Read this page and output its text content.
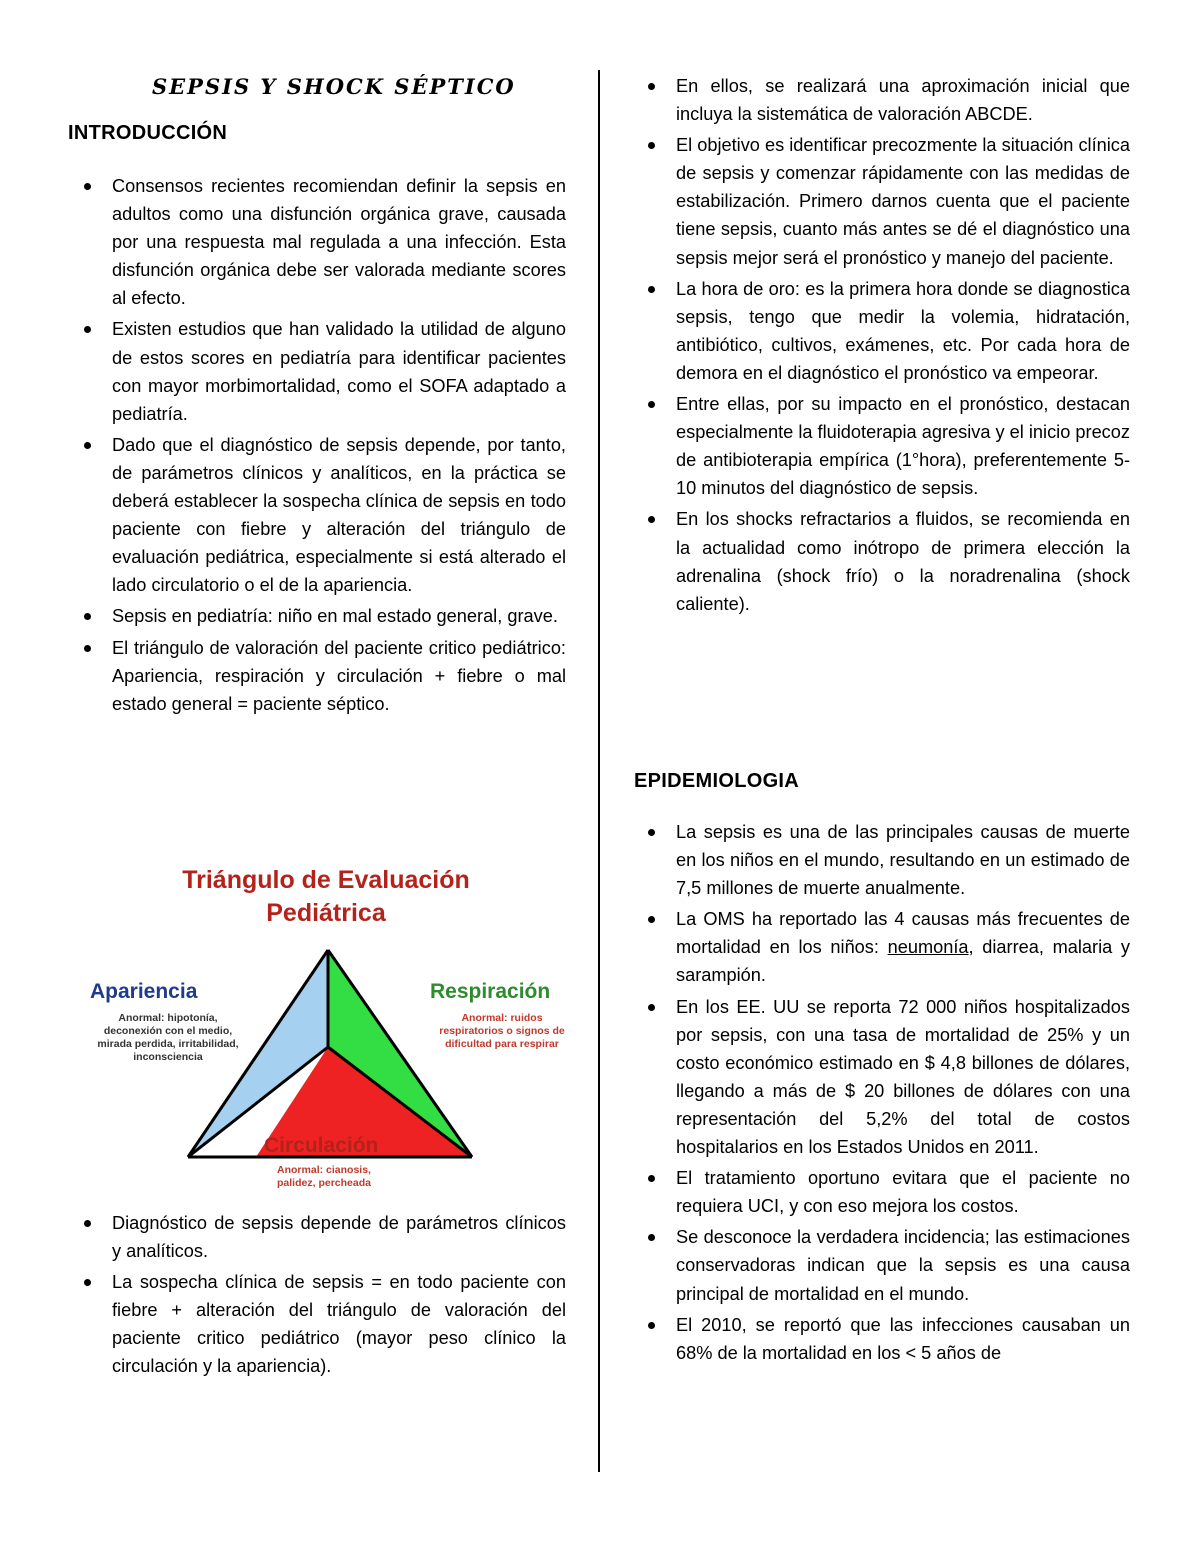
SEPSIS Y SHOCK SÉPTICO
INTRODUCCIÓN
Consensos recientes recomiendan definir la sepsis en adultos como una disfunción orgánica grave, causada por una respuesta mal regulada a una infección. Esta disfunción orgánica debe ser valorada mediante scores al efecto.
Existen estudios que han validado la utilidad de alguno de estos scores en pediatría para identificar pacientes con mayor morbimortalidad, como el SOFA adaptado a pediatría.
Dado que el diagnóstico de sepsis depende, por tanto, de parámetros clínicos y analíticos, en la práctica se deberá establecer la sospecha clínica de sepsis en todo paciente con fiebre y alteración del triángulo de evaluación pediátrica, especialmente si está alterado el lado circulatorio o el de la apariencia.
Sepsis en pediatría: niño en mal estado general, grave.
El triángulo de valoración del paciente critico pediátrico: Apariencia, respiración y circulación + fiebre o mal estado general = paciente séptico.
Triángulo de Evaluación
Pediátrica
Apariencia
Anormal: hipotonía,
deconexión con el medio,
mirada perdida, irritabilidad,
inconsciencia
Respiración
Anormal: ruidos
respiratorios o signos de
dificultad para respirar
Circulación
Anormal: cianosis,
palidez, percheada
Diagnóstico de sepsis depende de parámetros clínicos y analíticos.
La sospecha clínica de sepsis = en todo paciente con fiebre + alteración del triángulo de valoración del paciente critico pediátrico (mayor peso clínico la circulación y la apariencia).
En ellos, se realizará una aproximación inicial que incluya la sistemática de valoración ABCDE.
El objetivo es identificar precozmente la situación clínica de sepsis y comenzar rápidamente con las medidas de estabilización. Primero darnos cuenta que el paciente tiene sepsis, cuanto más antes se dé el diagnóstico una sepsis mejor será el pronóstico y manejo del paciente.
La hora de oro: es la primera hora donde se diagnostica sepsis, tengo que medir la volemia, hidratación, antibiótico, cultivos, exámenes, etc. Por cada hora de demora en el diagnóstico el pronóstico va empeorar.
Entre ellas, por su impacto en el pronóstico, destacan especialmente la fluidoterapia agresiva y el inicio precoz de antibioterapia empírica (1°hora), preferentemente 5-10 minutos del diagnóstico de sepsis.
En los shocks refractarios a fluidos, se recomienda en la actualidad como inótropo de primera elección la adrenalina (shock frío) o la noradrenalina (shock caliente).
EPIDEMIOLOGIA
La sepsis es una de las principales causas de muerte en los niños en el mundo, resultando en un estimado de 7,5 millones de muerte anualmente.
La OMS ha reportado las 4 causas más frecuentes de mortalidad en los niños: neumonía, diarrea, malaria y sarampión.
En los EE. UU se reporta 72 000 niños hospitalizados por sepsis, con una tasa de mortalidad de 25% y un costo económico estimado en $ 4,8 billones de dólares, llegando a más de $ 20 billones de dólares con una representación del 5,2% del total de costos hospitalarios en los Estados Unidos en 2011.
El tratamiento oportuno evitara que el paciente no requiera UCI, y con eso mejora los costos.
Se desconoce la verdadera incidencia; las estimaciones conservadoras indican que la sepsis es una causa principal de mortalidad en el mundo.
El 2010, se reportó que las infecciones causaban un 68% de la mortalidad en los < 5 años de
